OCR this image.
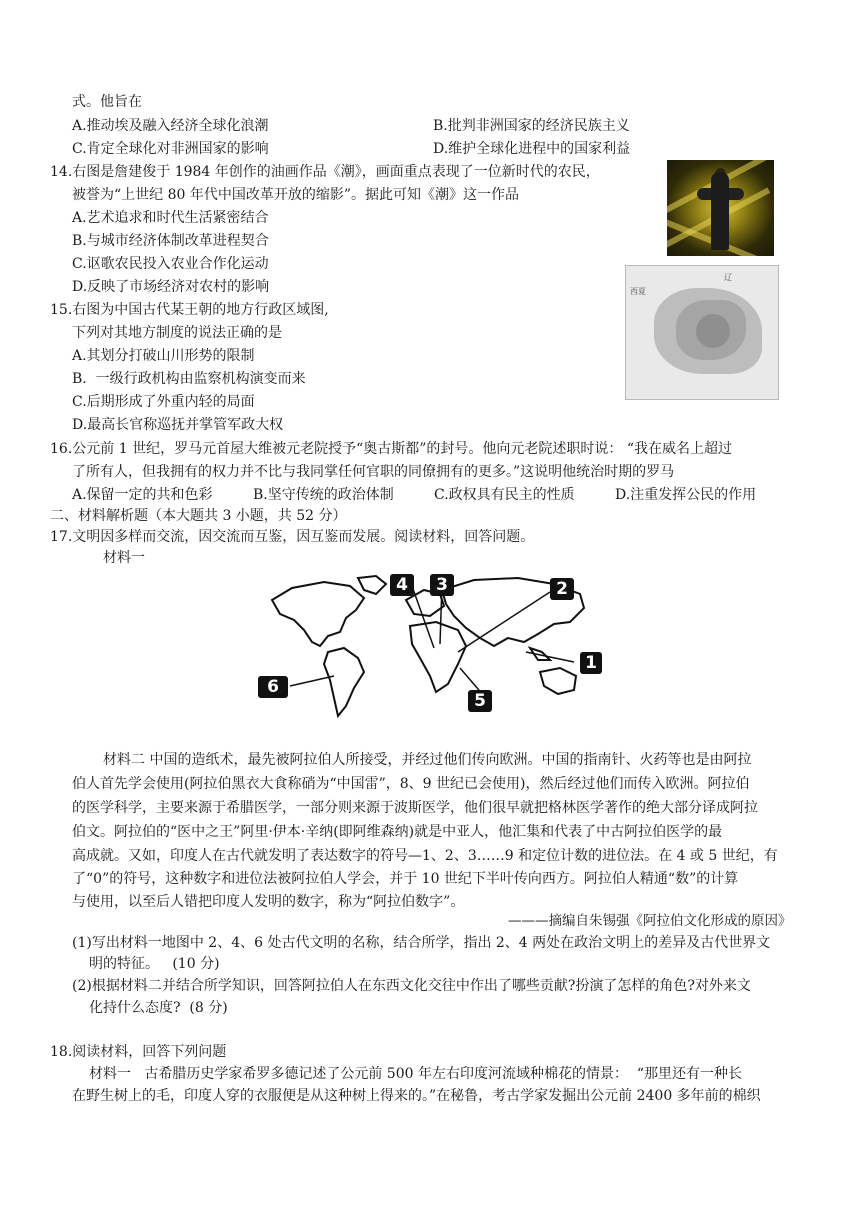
式。他旨在
A.推动埃及融入经济全球化浪潮	B.批判非洲国家的经济民族主义
C.肯定全球化对非洲国家的影响	D.维护全球化进程中的国家利益
14.右图是詹建俊于 1984 年创作的油画作品《潮》，画面重点表现了一位新时代的农民，
被誉为“上世纪 80 年代中国改革开放的缩影”。据此可知《潮》这一作品
A.艺术追求和时代生活紧密结合
B.与城市经济体制改革进程契合
C.讴歌农民投入农业合作化运动
D.反映了市场经济对农村的影响
15.右图为中国古代某王朝的地方行政区域图,
下列对其地方制度的说法正确的是
A.其划分打破山川形势的限制
B.  一级行政机构由监察机构演变而来
C.后期形成了外重内轻的局面
D.最高长官称巡抚并掌管军政大权
辽
西夏
16.公元前 1 世纪，罗马元首屋大维被元老院授予“奥古斯都”的封号。他向元老院述职时说： “我在威名上超过
了所有人，但我拥有的权力并不比与我同掌任何官职的同僚拥有的更多。”这说明他统治时期的罗马
A.保留一定的共和色彩	B.坚守传统的政治体制	C.政权具有民主的性质	D.注重发挥公民的作用
二、材料解析题（本大题共 3 小题，共 52 分）
17.文明因多样而交流，因交流而互鉴，因互鉴而发展。阅读材料，回答问题。
材料一
4	3	2
1
6
5
材料二 中国的造纸术，最先被阿拉伯人所接受，并经过他们传向欧洲。中国的指南针、火药等也是由阿拉
伯人首先学会使用(阿拉伯黑衣大食称硝为“中国雷”，8、9 世纪已会使用)，然后经过他们而传入欧洲。阿拉伯
的医学科学，主要来源于希腊医学，一部分则来源于波斯医学，他们很早就把格林医学著作的绝大部分译成阿拉
伯文。阿拉伯的“医中之王”阿里·伊本·辛纳(即阿维森纳)就是中亚人，他汇集和代表了中古阿拉伯医学的最
高成就。又如，印度人在古代就发明了表达数字的符号—1、2、3……9 和定位计数的进位法。在 4 或 5 世纪，有
了“0”的符号，这种数字和进位法被阿拉伯人学会，并于 10 世纪下半叶传向西方。阿拉伯人精通“数”的计算
与使用，以至后人错把印度人发明的数字，称为“阿拉伯数字”。
———摘编自朱锡强《阿拉伯文化形成的原因》
(1)写出材料一地图中 2、4、6 处古代文明的名称，结合所学，指出 2、4 两处在政治文明上的差异及古代世界文
明的特征。   (10 分)
(2)根据材料二并结合所学知识，回答阿拉伯人在东西文化交往中作出了哪些贡献?扮演了怎样的角色?对外来文
化持什么态度?  (8 分)
18.阅读材料，回答下列问题
材料一   古希腊历史学家希罗多德记述了公元前 500 年左右印度河流域种棉花的情景：  “那里还有一种长
在野生树上的毛，印度人穿的衣服便是从这种树上得来的。”在秘鲁，考古学家发掘出公元前 2400 多年前的棉织
